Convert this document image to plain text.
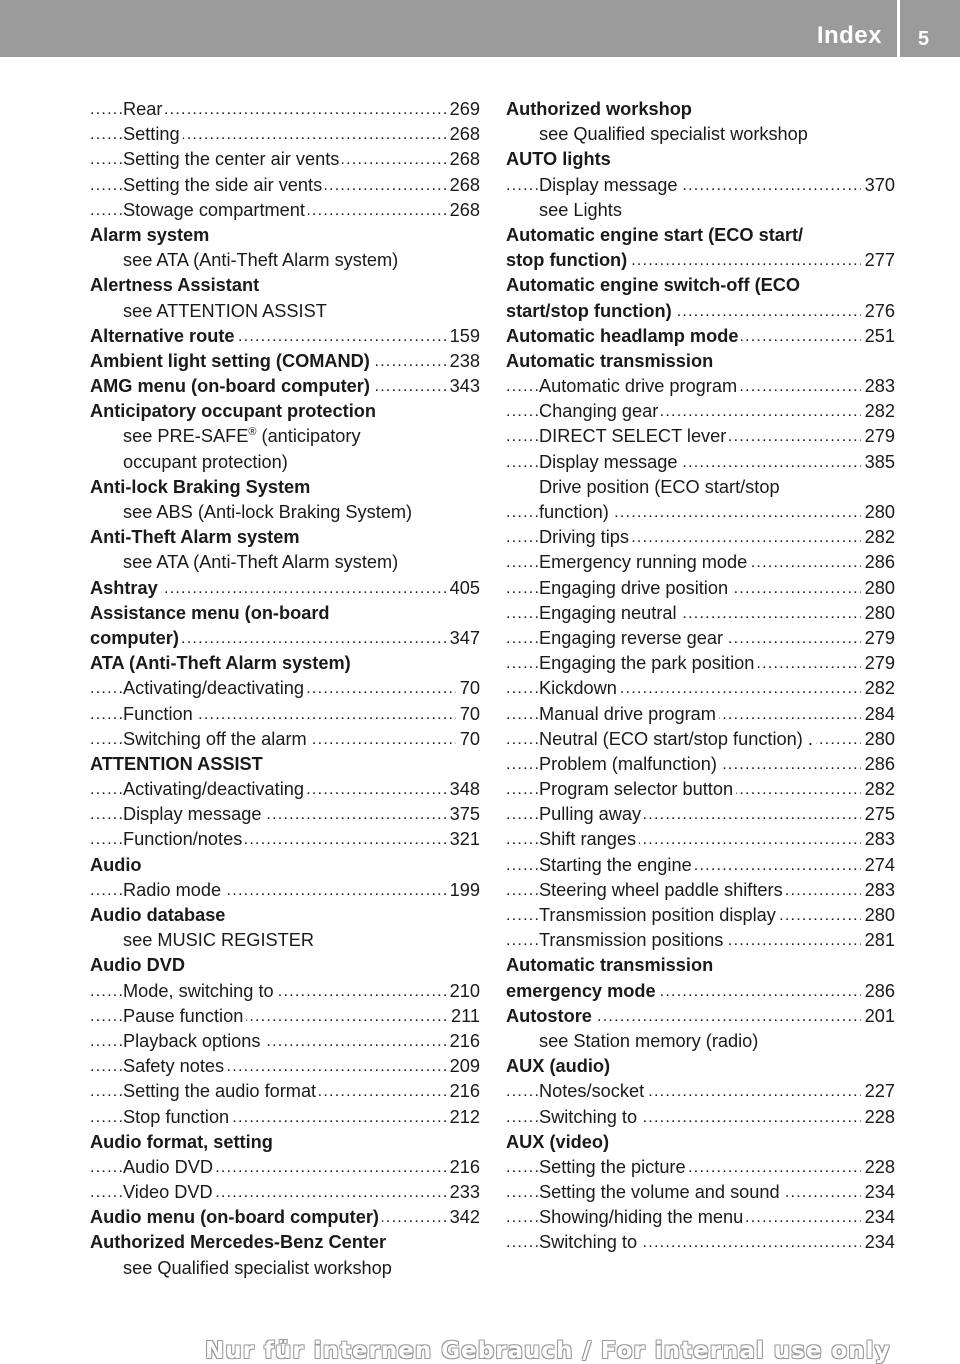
Index 5
Rear	269
. . .
Setting	268
. . .
Setting the center air vents	268
. . .
Setting the side air vents	268
. . .
Stowage compartment	268
. . .
Alarm system
see ATA (Anti-Theft Alarm system)
Alertness Assistant
see ATTENTION ASSIST
Alternative route	159
. . .
Ambient light setting (COMAND)	238
. . .
AMG menu (on-board computer)	343
. . .
Anticipatory occupant protection
see PRE-SAFE® (anticipatory
occupant protection)
Anti-lock Braking System
see ABS (Anti-lock Braking System)
Anti-Theft Alarm system
see ATA (Anti-Theft Alarm system)
Ashtray	405
. . .
Assistance menu (on-board
computer)	347
. . .
ATA (Anti-Theft Alarm system)
Activating/deactivating	70
. . .
Function	70
. . .
Switching off the alarm	70
. . .
ATTENTION ASSIST
Activating/deactivating	348
. . .
Display message	375
. . .
Function/notes	321
. . .
Audio
Radio mode	199
. . .
Audio database
see MUSIC REGISTER
Audio DVD
Mode, switching to	210
. . .
Pause function	211
. . .
Playback options	216
. . .
Safety notes	209
. . .
Setting the audio format	216
. . .
Stop function	212
. . .
Audio format, setting
Audio DVD	216
. . .
Video DVD	233
. . .
Audio menu (on-board computer)	342
. . .
Authorized Mercedes-Benz Center
see Qualified specialist workshop
Authorized workshop
see Qualified specialist workshop
AUTO lights
Display message	370
. . .
see Lights
Automatic engine start (ECO start/
stop function)	277
. . .
Automatic engine switch-off (ECO
start/stop function)	276
. . .
Automatic headlamp mode	251
. . .
Automatic transmission
Automatic drive program	283
. . .
Changing gear	282
. . .
DIRECT SELECT lever	279
. . .
Display message	385
. . .
Drive position (ECO start/stop
function)	280
. . .
Driving tips	282
. . .
Emergency running mode	286
. . .
Engaging drive position	280
. . .
Engaging neutral	280
. . .
Engaging reverse gear	279
. . .
Engaging the park position	279
. . .
Kickdown	282
. . .
Manual drive program	284
. . .
Neutral (ECO start/stop function) .	280
. . .
Problem (malfunction)	286
. . .
Program selector button	282
. . .
Pulling away	275
. . .
Shift ranges	283
. . .
Starting the engine	274
. . .
Steering wheel paddle shifters	283
. . .
Transmission position display	280
. . .
Transmission positions	281
. . .
Automatic transmission
emergency mode	286
. . .
Autostore	201
. . .
see Station memory (radio)
AUX (audio)
Notes/socket	227
. . .
Switching to	228
. . .
AUX (video)
Setting the picture	228
. . .
Setting the volume and sound	234
. . .
Showing/hiding the menu	234
. . .
Switching to	234
. . .
Nur für internen Gebrauch / For internal use only
